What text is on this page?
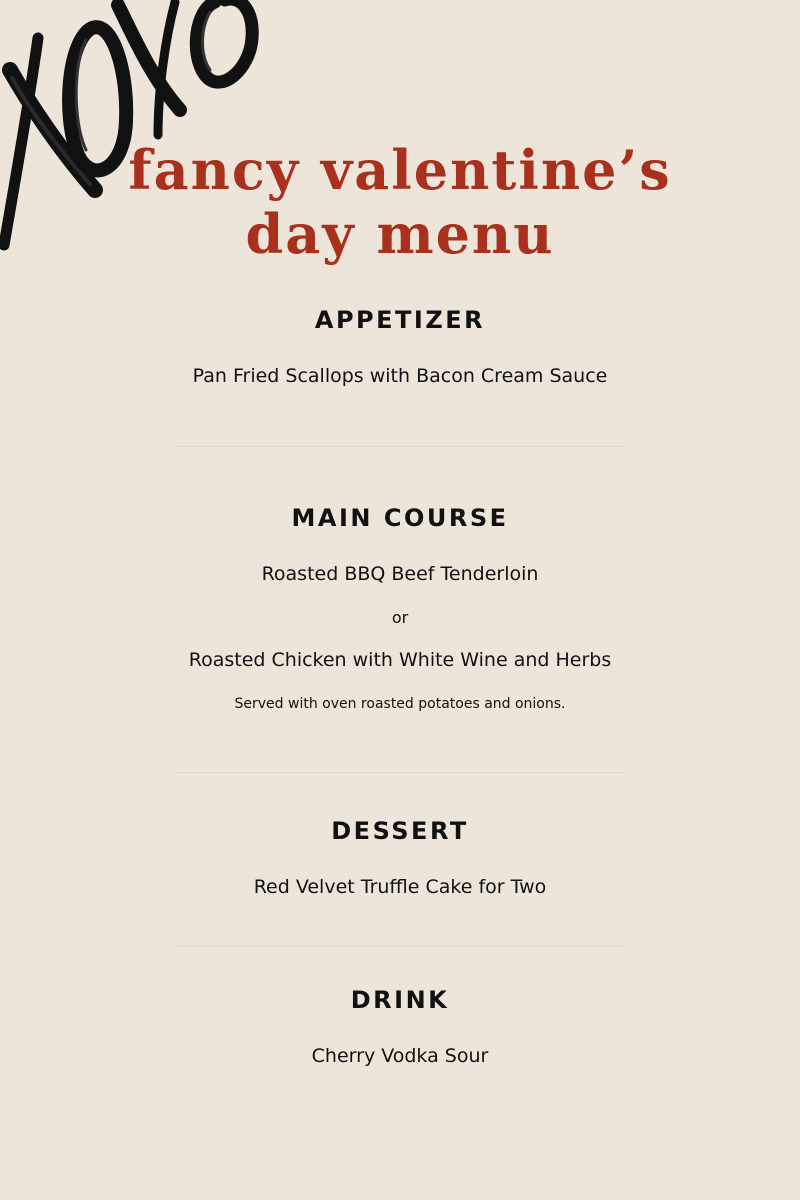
fancy valentine’s
day menu
APPETIZER

Pan Fried Scallops with Bacon Cream Sauce

MAIN COURSE

Roasted BBQ Beef Tenderloin

or

Roasted Chicken with White Wine and Herbs

Served with oven roasted potatoes and onions.

DESSERT

Red Velvet Truffle Cake for Two

DRINK

Cherry Vodka Sour
